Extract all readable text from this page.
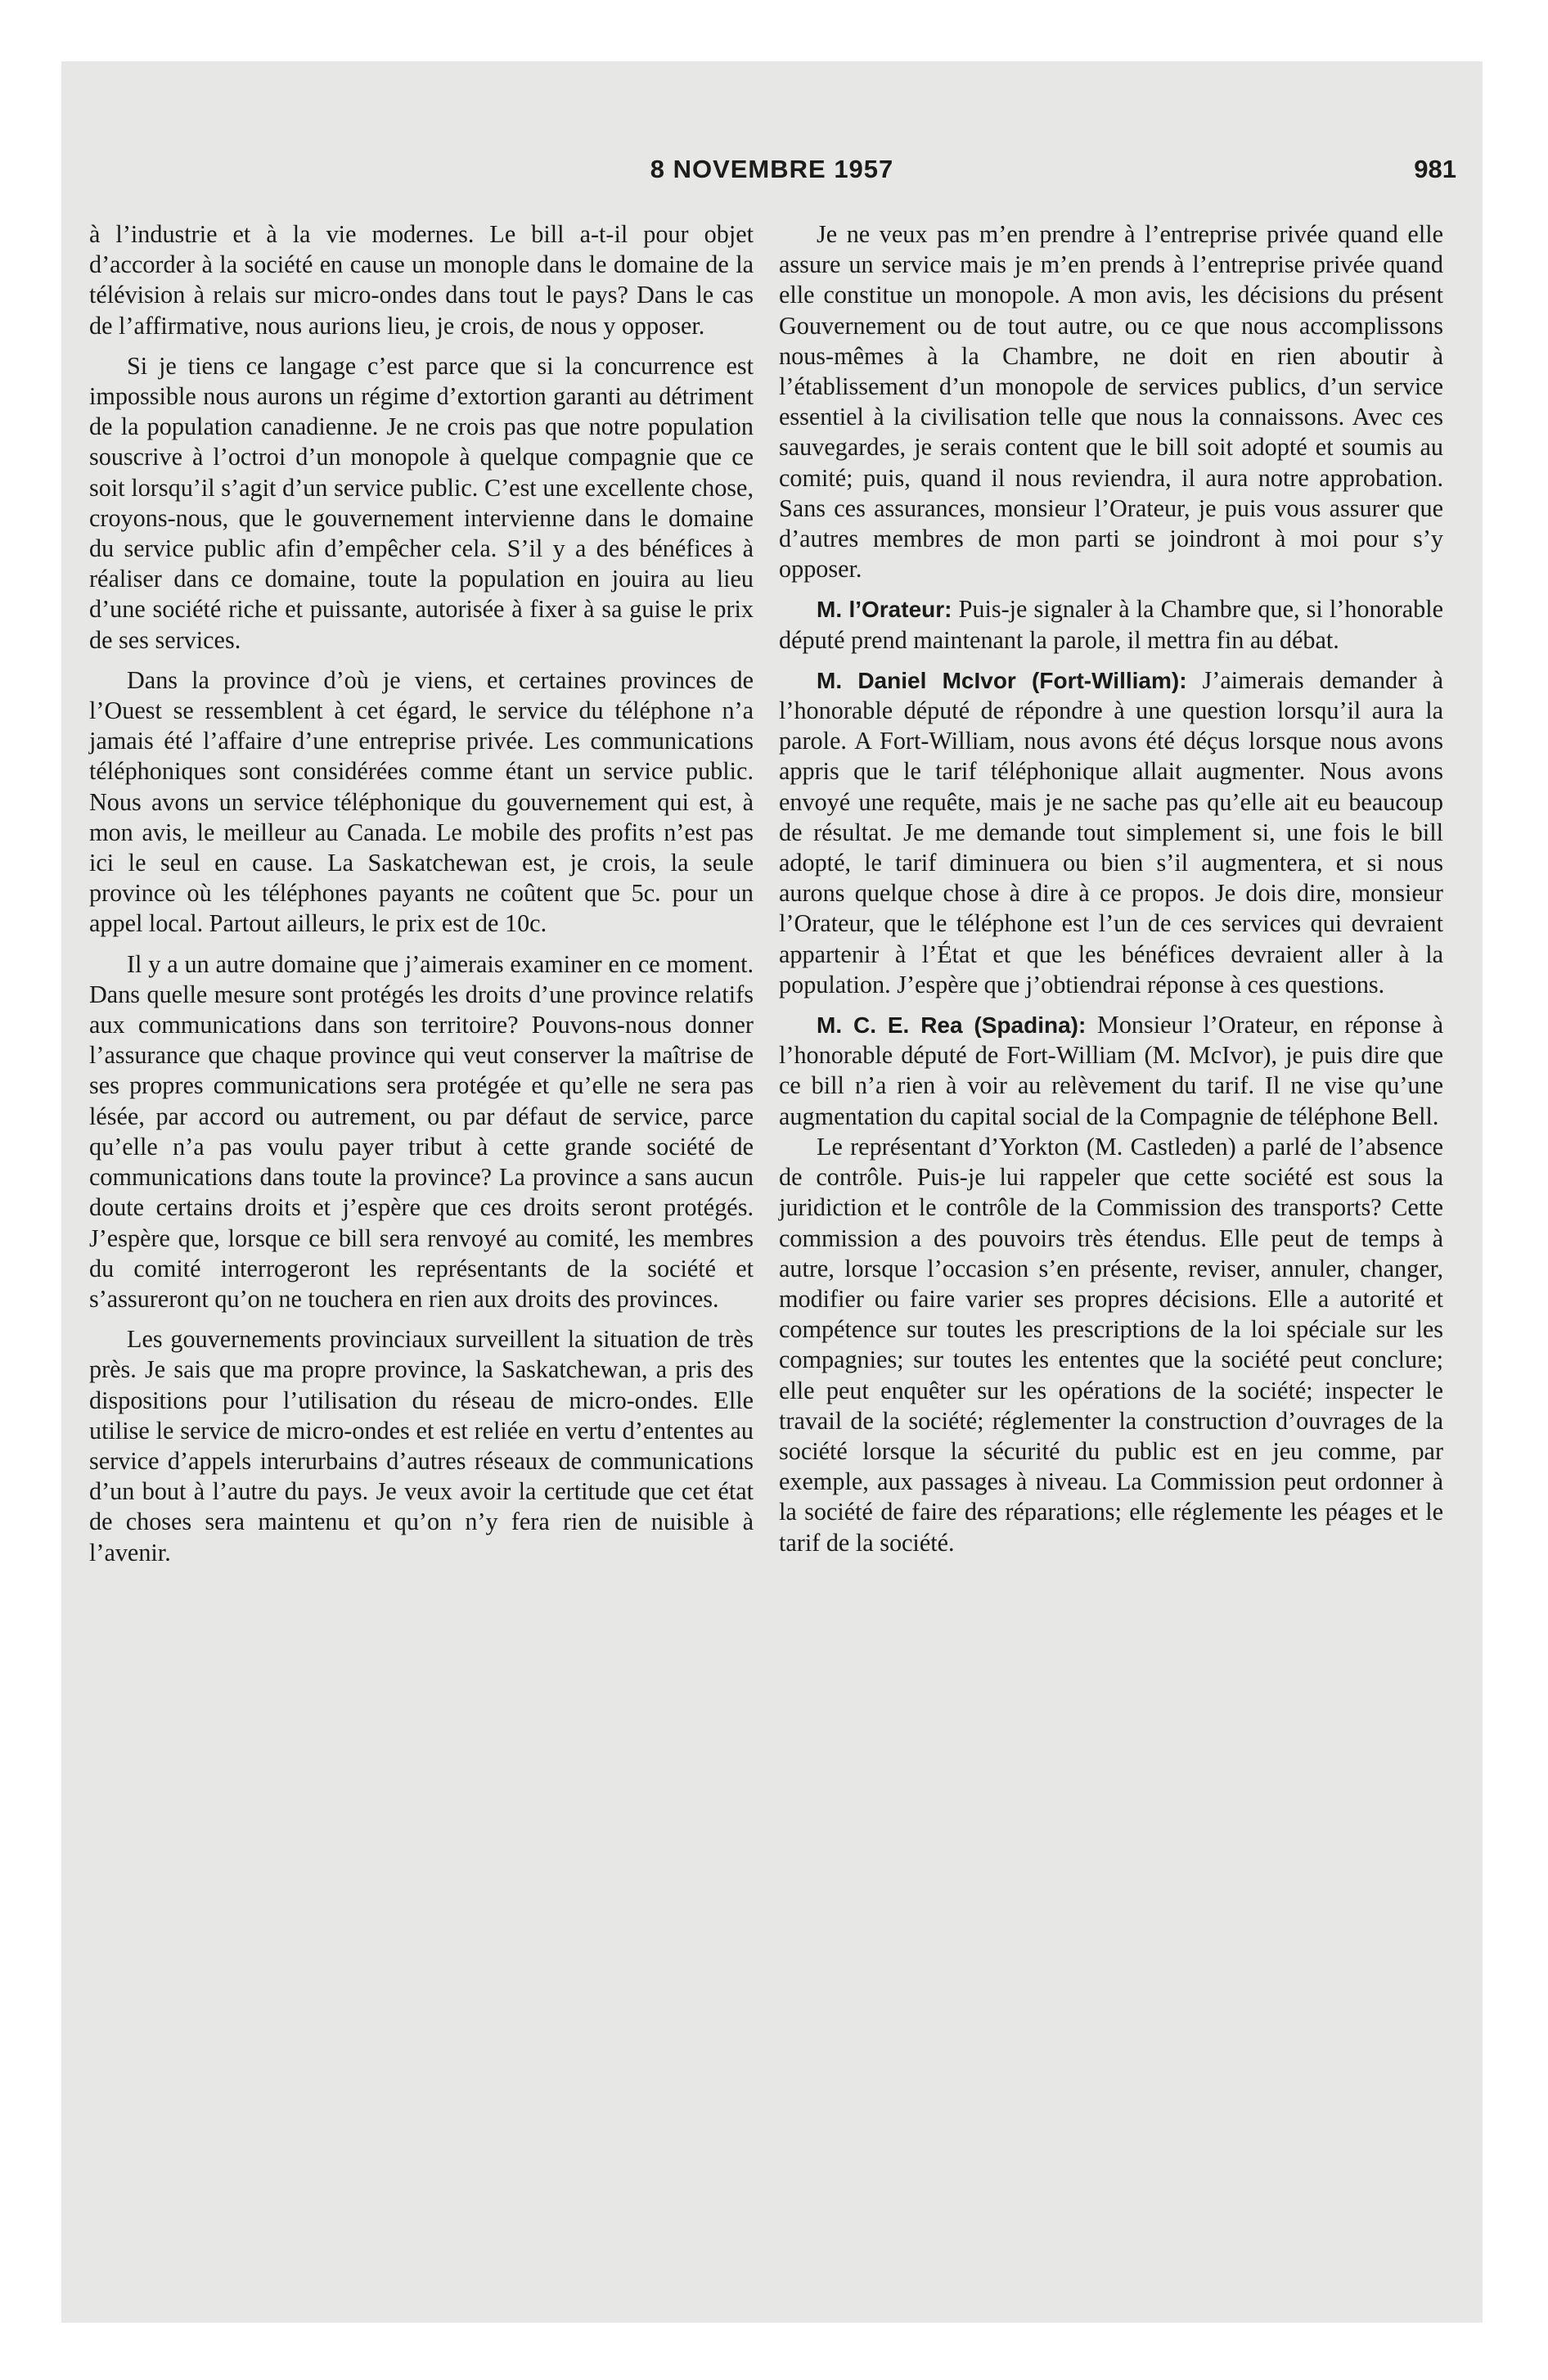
8 NOVEMBRE 1957	981

à l’industrie et à la vie modernes. Le bill a-t-il pour objet d’accorder à la société en cause un monople dans le domaine de la télévision à relais sur micro-ondes dans tout le pays? Dans le cas de l’affirmative, nous aurions lieu, je crois, de nous y opposer.

Si je tiens ce langage c’est parce que si la concurrence est impossible nous aurons un régime d’extortion garanti au détriment de la population canadienne. Je ne crois pas que notre population souscrive à l’octroi d’un monopole à quelque compagnie que ce soit lorsqu’il s’agit d’un service public. C’est une excellente chose, croyons-nous, que le gouvernement intervienne dans le domaine du service public afin d’empêcher cela. S’il y a des bénéfices à réaliser dans ce domaine, toute la population en jouira au lieu d’une société riche et puissante, autorisée à fixer à sa guise le prix de ses services.

Dans la province d’où je viens, et certaines provinces de l’Ouest se ressemblent à cet égard, le service du téléphone n’a jamais été l’affaire d’une entreprise privée. Les communications téléphoniques sont considérées comme étant un service public. Nous avons un service téléphonique du gouvernement qui est, à mon avis, le meilleur au Canada. Le mobile des profits n’est pas ici le seul en cause. La Saskatchewan est, je crois, la seule province où les téléphones payants ne coûtent que 5c. pour un appel local. Partout ailleurs, le prix est de 10c.

Il y a un autre domaine que j’aimerais examiner en ce moment. Dans quelle mesure sont protégés les droits d’une province relatifs aux communications dans son territoire? Pouvons-nous donner l’assurance que chaque province qui veut conserver la maîtrise de ses propres communications sera protégée et qu’elle ne sera pas lésée, par accord ou autrement, ou par défaut de service, parce qu’elle n’a pas voulu payer tribut à cette grande société de communications dans toute la province? La province a sans aucun doute certains droits et j’espère que ces droits seront protégés. J’espère que, lorsque ce bill sera renvoyé au comité, les membres du comité interrogeront les représentants de la société et s’assureront qu’on ne touchera en rien aux droits des provinces.

Les gouvernements provinciaux surveillent la situation de très près. Je sais que ma propre province, la Saskatchewan, a pris des dispositions pour l’utilisation du réseau de micro-ondes. Elle utilise le service de micro-ondes et est reliée en vertu d’ententes au service d’appels interurbains d’autres réseaux de communications d’un bout à l’autre du pays. Je veux avoir la certitude que cet état de choses sera maintenu et qu’on n’y fera rien de nuisible à l’avenir.

Je ne veux pas m’en prendre à l’entreprise privée quand elle assure un service mais je m’en prends à l’entreprise privée quand elle constitue un monopole. A mon avis, les décisions du présent Gouvernement ou de tout autre, ou ce que nous accomplissons nous-mêmes à la Chambre, ne doit en rien aboutir à l’établissement d’un monopole de services publics, d’un service essentiel à la civilisation telle que nous la connaissons. Avec ces sauvegardes, je serais content que le bill soit adopté et soumis au comité; puis, quand il nous reviendra, il aura notre approbation. Sans ces assurances, monsieur l’Orateur, je puis vous assurer que d’autres membres de mon parti se joindront à moi pour s’y opposer.

M. l’Orateur: Puis-je signaler à la Chambre que, si l’honorable député prend maintenant la parole, il mettra fin au débat.

M. Daniel McIvor (Fort-William): J’aimerais demander à l’honorable député de répondre à une question lorsqu’il aura la parole. A Fort-William, nous avons été déçus lorsque nous avons appris que le tarif téléphonique allait augmenter. Nous avons envoyé une requête, mais je ne sache pas qu’elle ait eu beaucoup de résultat. Je me demande tout simplement si, une fois le bill adopté, le tarif diminuera ou bien s’il augmentera, et si nous aurons quelque chose à dire à ce propos. Je dois dire, monsieur l’Orateur, que le téléphone est l’un de ces services qui devraient appartenir à l’État et que les bénéfices devraient aller à la population. J’espère que j’obtiendrai réponse à ces questions.

M. C. E. Rea (Spadina): Monsieur l’Orateur, en réponse à l’honorable député de Fort-William (M. McIvor), je puis dire que ce bill n’a rien à voir au relèvement du tarif. Il ne vise qu’une augmentation du capital social de la Compagnie de téléphone Bell.

Le représentant d’Yorkton (M. Castleden) a parlé de l’absence de contrôle. Puis-je lui rappeler que cette société est sous la juridiction et le contrôle de la Commission des transports? Cette commission a des pouvoirs très étendus. Elle peut de temps à autre, lorsque l’occasion s’en présente, reviser, annuler, changer, modifier ou faire varier ses propres décisions. Elle a autorité et compétence sur toutes les prescriptions de la loi spéciale sur les compagnies; sur toutes les ententes que la société peut conclure; elle peut enquêter sur les opérations de la société; inspecter le travail de la société; réglementer la construction d’ouvrages de la société lorsque la sécurité du public est en jeu comme, par exemple, aux passages à niveau. La Commission peut ordonner à la société de faire des réparations; elle réglemente les péages et le tarif de la société.
